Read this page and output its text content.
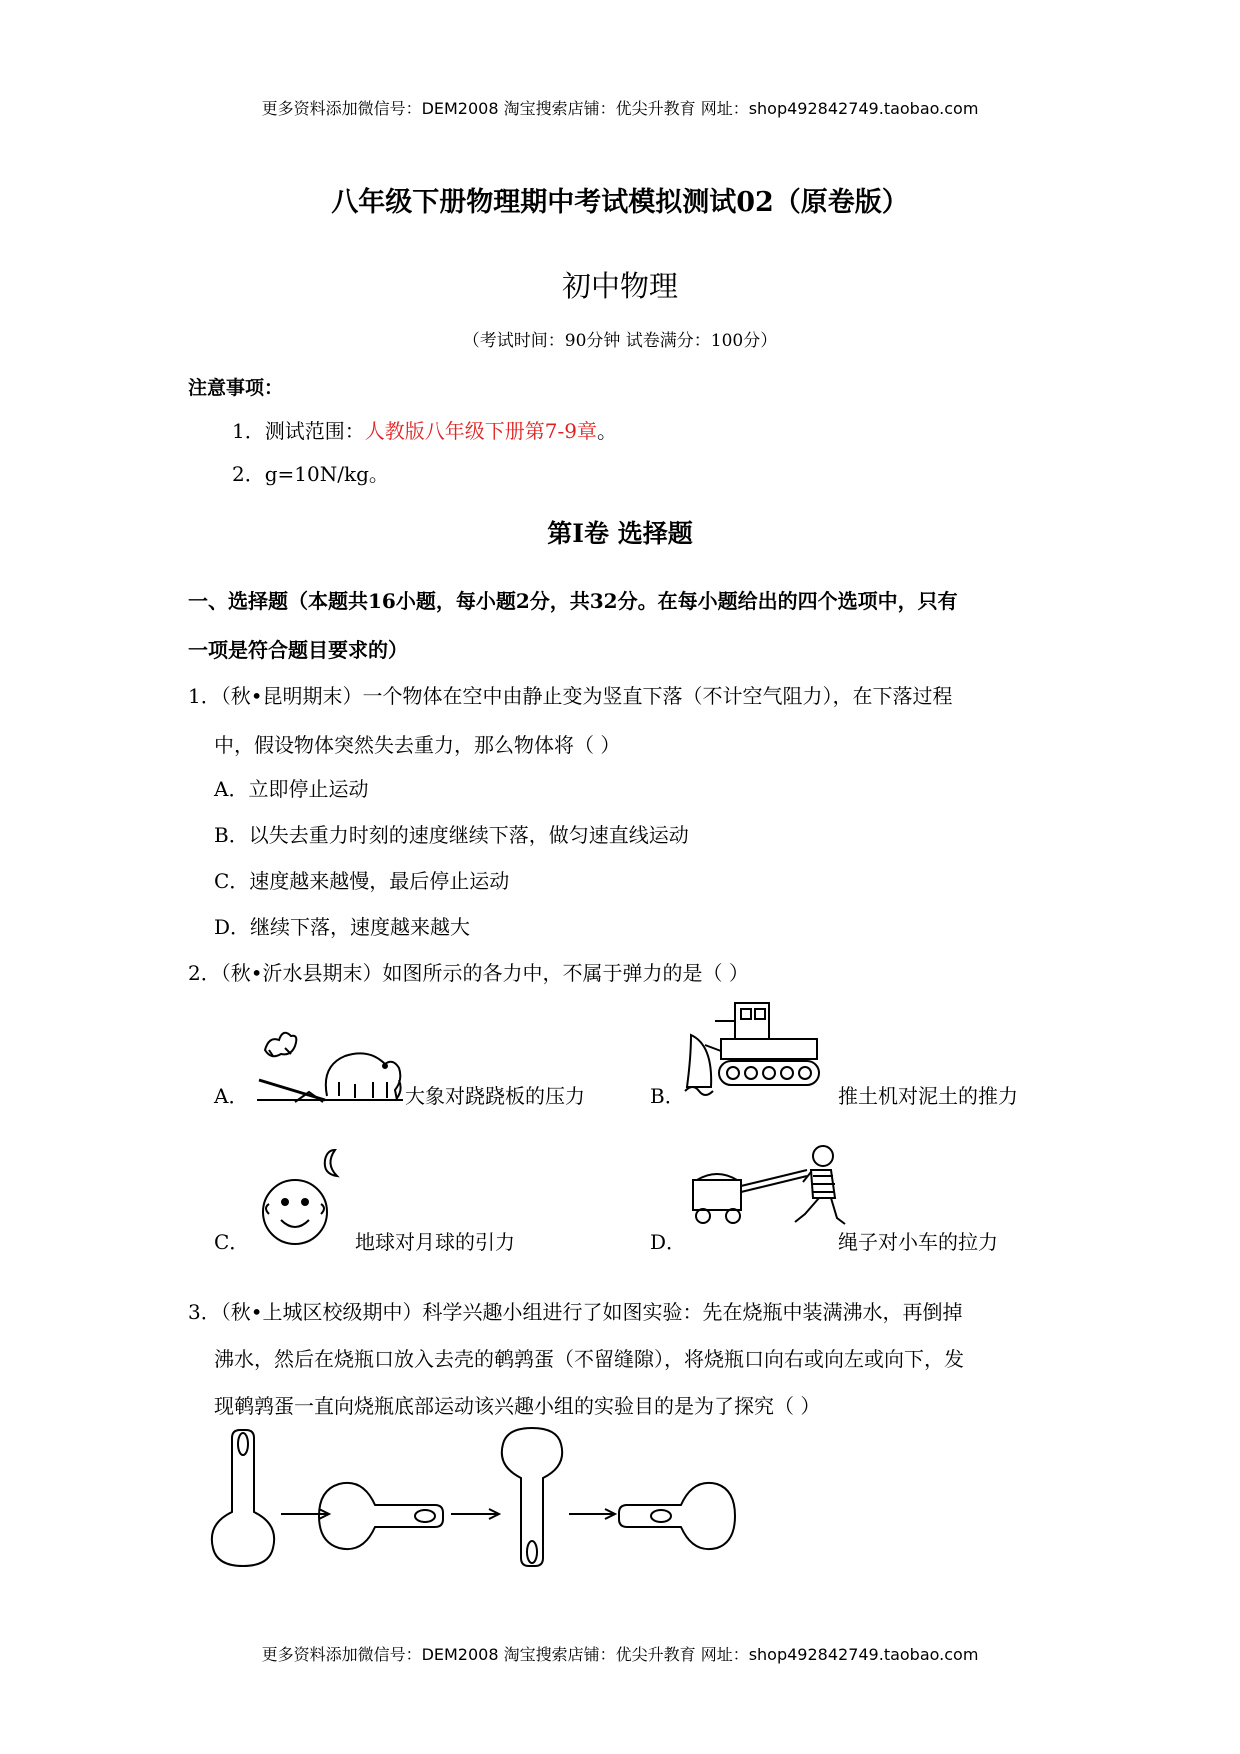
更多资料添加微信号：DEM2008 淘宝搜索店铺：优尖升教育 网址：shop492842749.taobao.com
八年级下册物理期中考试模拟测试02（原卷版）
初中物理
（考试时间：90分钟 试卷满分：100分）
注意事项：
1．测试范围：人教版八年级下册第7-9章。
2．g=10N/kg。
第Ⅰ卷 选择题
一、选择题（本题共16小题，每小题2分，共32分。在每小题给出的四个选项中，只有
一项是符合题目要求的）
1．（秋•昆明期末）一个物体在空中由静止变为竖直下落（不计空气阻力），在下落过程
中，假设物体突然失去重力，那么物体将（ ）
A．立即停止运动
B．以失去重力时刻的速度继续下落，做匀速直线运动
C．速度越来越慢，最后停止运动
D．继续下落，速度越来越大
2．（秋•沂水县期末）如图所示的各力中，不属于弹力的是（ ）
A．	大象对跷跷板的压力	B．	推土机对泥土的推力
C．	地球对月球的引力	D．	绳子对小车的拉力
3．（秋•上城区校级期中）科学兴趣小组进行了如图实验：先在烧瓶中装满沸水，再倒掉
沸水，然后在烧瓶口放入去壳的鹌鹑蛋（不留缝隙），将烧瓶口向右或向左或向下，发
现鹌鹑蛋一直向烧瓶底部运动该兴趣小组的实验目的是为了探究（ ）
更多资料添加微信号：DEM2008 淘宝搜索店铺：优尖升教育 网址：shop492842749.taobao.com
